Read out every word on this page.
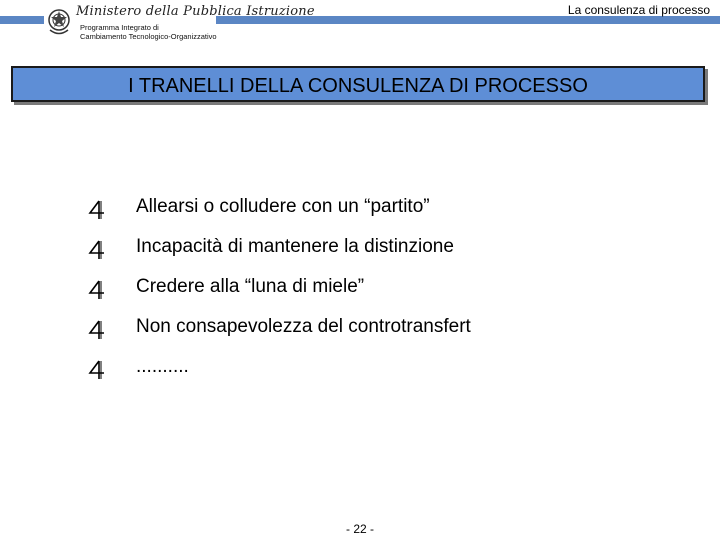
Ministero della Pubblica Istruzione
Programma Integrato di
Cambiamento Tecnologico-Organizzativo
La consulenza di processo
I TRANELLI DELLA CONSULENZA DI PROCESSO
Allearsi o colludere con un “partito”
Incapacità di mantenere la distinzione
Credere alla “luna di miele”
Non consapevolezza del controtransfert
..........
- 22 -
